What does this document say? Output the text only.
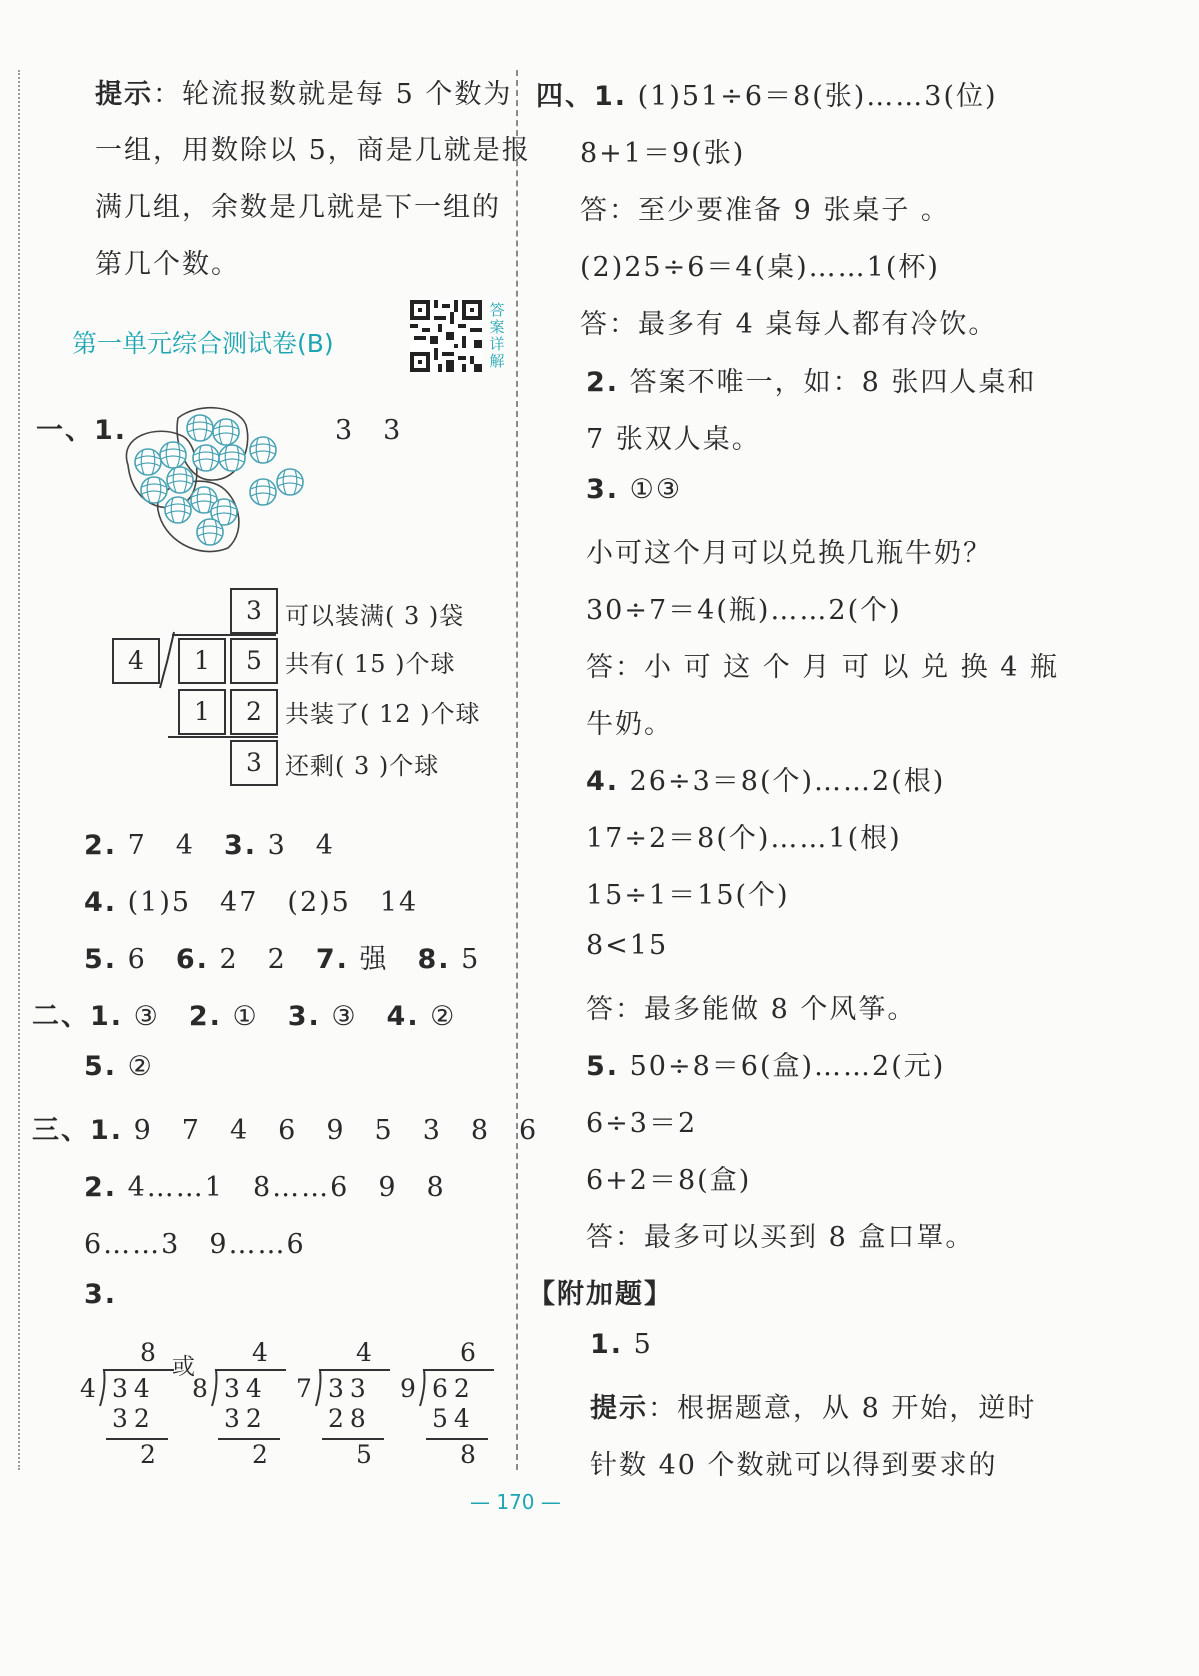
提示：轮流报数就是每 5 个数为
一组，用数除以 5，商是几就是报
满几组，余数是几就是下一组的
第几个数。
第一单元综合测试卷(B)
答
案
详
解
一、1.	3　3
3
4	1	5
1	2
3
可以装满( 3 )袋
共有( 15 )个球
共装了( 12 )个球
还剩( 3 )个球
2. 7　4　3. 3　4
4. (1)5　47　(2)5　14
5. 6　6. 2　2　7. 强　8. 5
二、1. ③　2. ①　3. ③　4. ②
5. ②
三、1. 9　7　4　6　9　5　3　8　6
2. 4……1　8……6　9　8
6……3　9……6
3.
或
8
4 34
32
2
4
8 34
32
2
4
7 33
28
5
6
9 62
54
8
四、1. (1)51÷6＝8(张)……3(位)
8+1＝9(张)
答：至少要准备 9 张桌子 。
(2)25÷6＝4(桌)……1(杯)
答：最多有 4 桌每人都有冷饮。
2. 答案不唯一，如：8 张四人桌和
7 张双人桌。
3. ①③
小可这个月可以兑换几瓶牛奶？
30÷7＝4(瓶)……2(个)
答：小 可 这 个 月 可 以 兑 换 4 瓶
牛奶。
4. 26÷3＝8(个)……2(根)
17÷2＝8(个)……1(根)
15÷1＝15(个)
8<15
答：最多能做 8 个风筝。
5. 50÷8＝6(盒)……2(元)
6÷3＝2
6+2＝8(盒)
答：最多可以买到 8 盒口罩。
【附加题】
1. 5
提示：根据题意，从 8 开始，逆时
针数 40 个数就可以得到要求的
— 170 —
